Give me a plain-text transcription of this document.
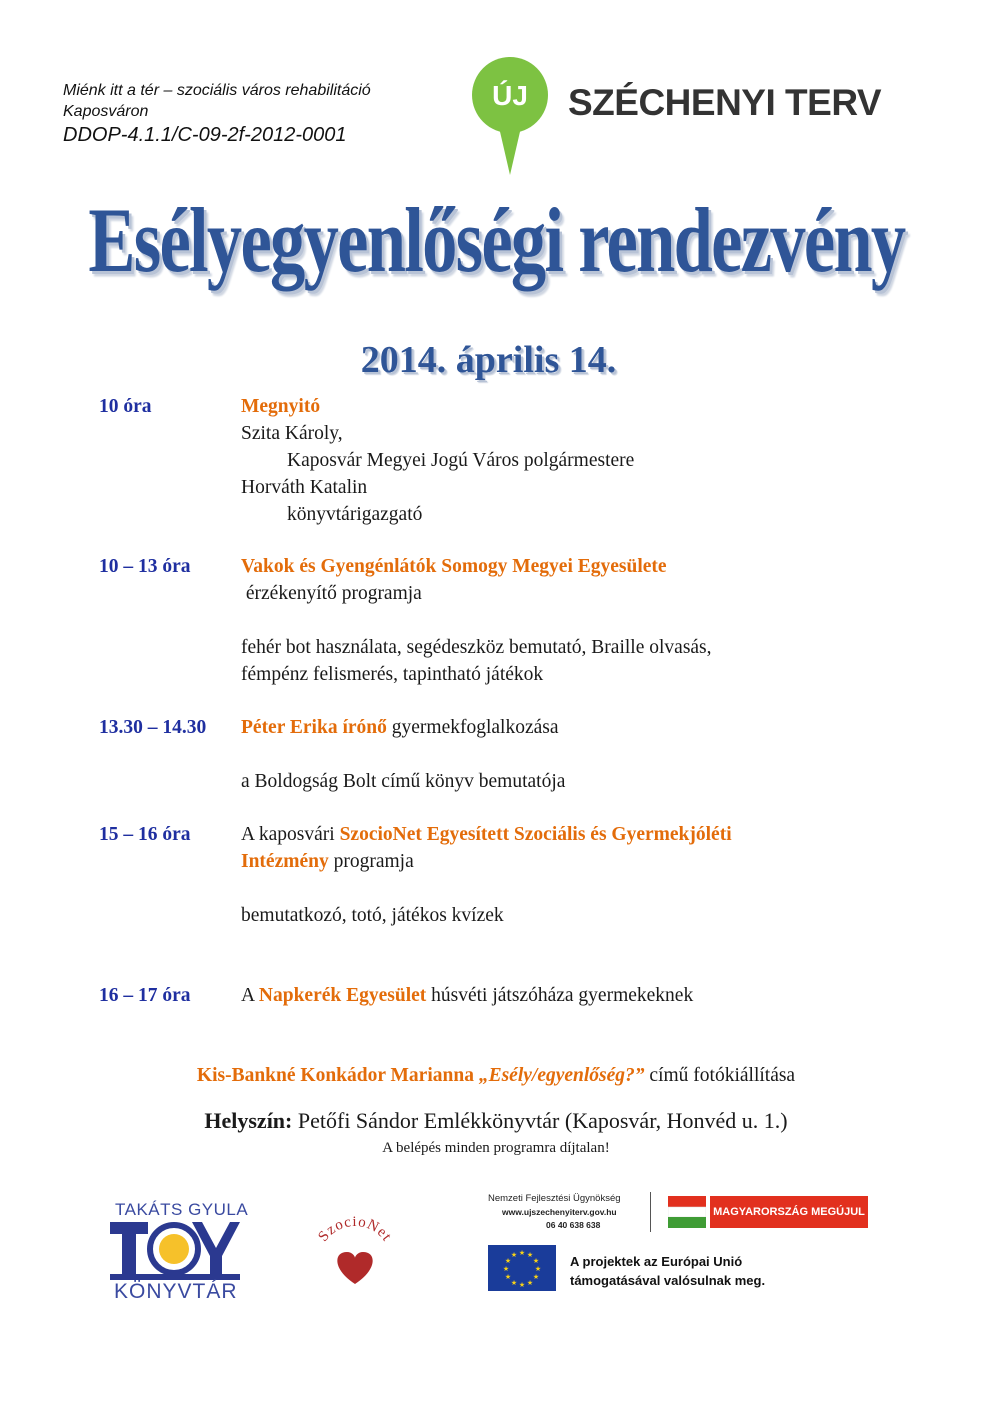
Miénk itt a tér – szociális város rehabilitáció
Kaposváron
DDOP-4.1.1/C-09-2f-2012-0001
ÚJ SZÉCHENYI TERV
Esélyegyenlőségi rendezvény
2014. április 14.
10 óra	Megnyitó
Szita Károly,
Kaposvár Megyei Jogú Város polgármestere
Horváth Katalin
könyvtárigazgató
10 – 13 óra	Vakok és Gyengénlátók Somogy Megyei Egyesülete
érzékenyítő programja
fehér bot használata, segédeszköz bemutató, Braille olvasás,
fémpénz felismerés, tapintható játékok
13.30 – 14.30	Péter Erika írónő gyermekfoglalkozása
a Boldogság Bolt című könyv bemutatója
15 – 16 óra	A kaposvári SzocioNet Egyesített Szociális és Gyermekjóléti
Intézmény programja
bemutatkozó, totó, játékos kvízek
16 – 17 óra	A Napkerék Egyesület húsvéti játszóháza gyermekeknek
Kis-Bankné Konkádor Marianna „Esély/egyenlőség?” című fotókiállítása
Helyszín: Petőfi Sándor Emlékkönyvtár (Kaposvár, Honvéd u. 1.)
A belépés minden programra díjtalan!
TAKÁTS GYULA
KÖNYVTÁR
SzocioNet
Nemzeti Fejlesztési Ügynökség
www.ujszechenyiterv.gov.hu
06 40 638 638
MAGYARORSZÁG MEGÚJUL
★ ★
★
★
★
★
★
★
★
★
★
★	A projektek az Európai Unió
támogatásával valósulnak meg.
